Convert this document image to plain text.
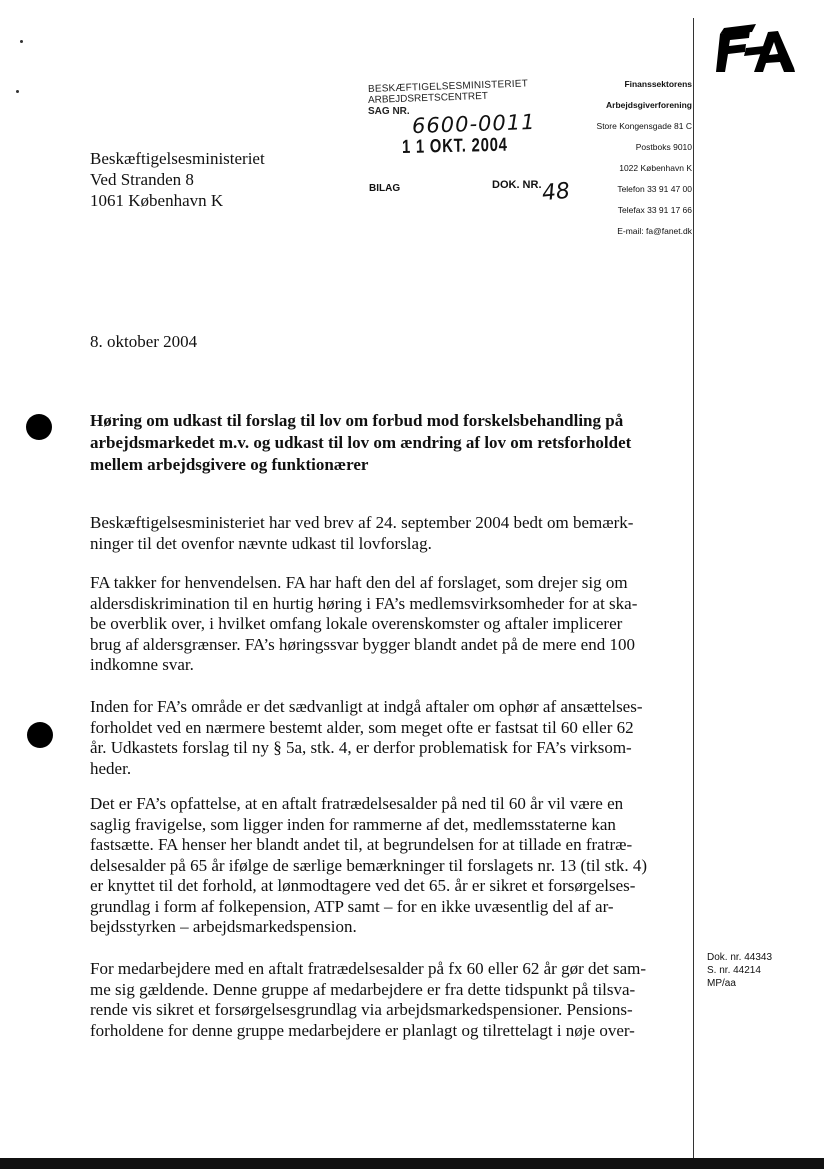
Beskæftigelsesministeriet
Ved Stranden 8
1061 København K
BESKÆFTIGELSESMINISTERIET
ARBEJDSRETSCENTRET
SAG NR. 6600-0011
1 1 OKT. 2004
BILAG	DOK. NR. 48
Finanssektorens
Arbejdsgiverforening
Store Kongensgade 81 C
Postboks 9010
1022 København K
Telefon 33 91 47 00
Telefax 33 91 17 66
E-mail: fa@fanet.dk
8. oktober 2004
Høring om udkast til forslag til lov om forbud mod forskelsbehandling på arbejdsmarkedet m.v. og udkast til lov om ændring af lov om retsforholdet mellem arbejdsgivere og funktionærer
Beskæftigelsesministeriet har ved brev af 24. september 2004 bedt om bemærk-
ninger til det ovenfor nævnte udkast til lovforslag.
FA takker for henvendelsen. FA har haft den del af forslaget, som drejer sig om
aldersdiskrimination til en hurtig høring i FA’s medlemsvirksomheder for at ska-
be overblik over, i hvilket omfang lokale overenskomster og aftaler implicerer
brug af aldersgrænser. FA’s høringssvar bygger blandt andet på de mere end 100
indkomne svar.
Inden for FA’s område er det sædvanligt at indgå aftaler om ophør af ansættelses-
forholdet ved en nærmere bestemt alder, som meget ofte er fastsat til 60 eller 62
år. Udkastets forslag til ny § 5a, stk. 4, er derfor problematisk for FA’s virksom-
heder.
Det er FA’s opfattelse, at en aftalt fratrædelsesalder på ned til 60 år vil være en
saglig fravigelse, som ligger inden for rammerne af det, medlemsstaterne kan
fastsætte. FA henser her blandt andet til, at begrundelsen for at tillade en fratræ-
delsesalder på 65 år ifølge de særlige bemærkninger til forslagets nr. 13 (til stk. 4)
er knyttet til det forhold, at lønmodtagere ved det 65. år er sikret et forsørgelses-
grundlag i form af folkepension, ATP samt – for en ikke uvæsentlig del af ar-
bejdsstyrken – arbejdsmarkedspension.
For medarbejdere med en aftalt fratrædelsesalder på fx 60 eller 62 år gør det sam-
me sig gældende. Denne gruppe af medarbejdere er fra dette tidspunkt på tilsva-
rende vis sikret et forsørgelsesgrundlag via arbejdsmarkedspensioner. Pensions-
forholdene for denne gruppe medarbejdere er planlagt og tilrettelagt i nøje over-
Dok. nr. 44343
S. nr. 44214
MP/aa
